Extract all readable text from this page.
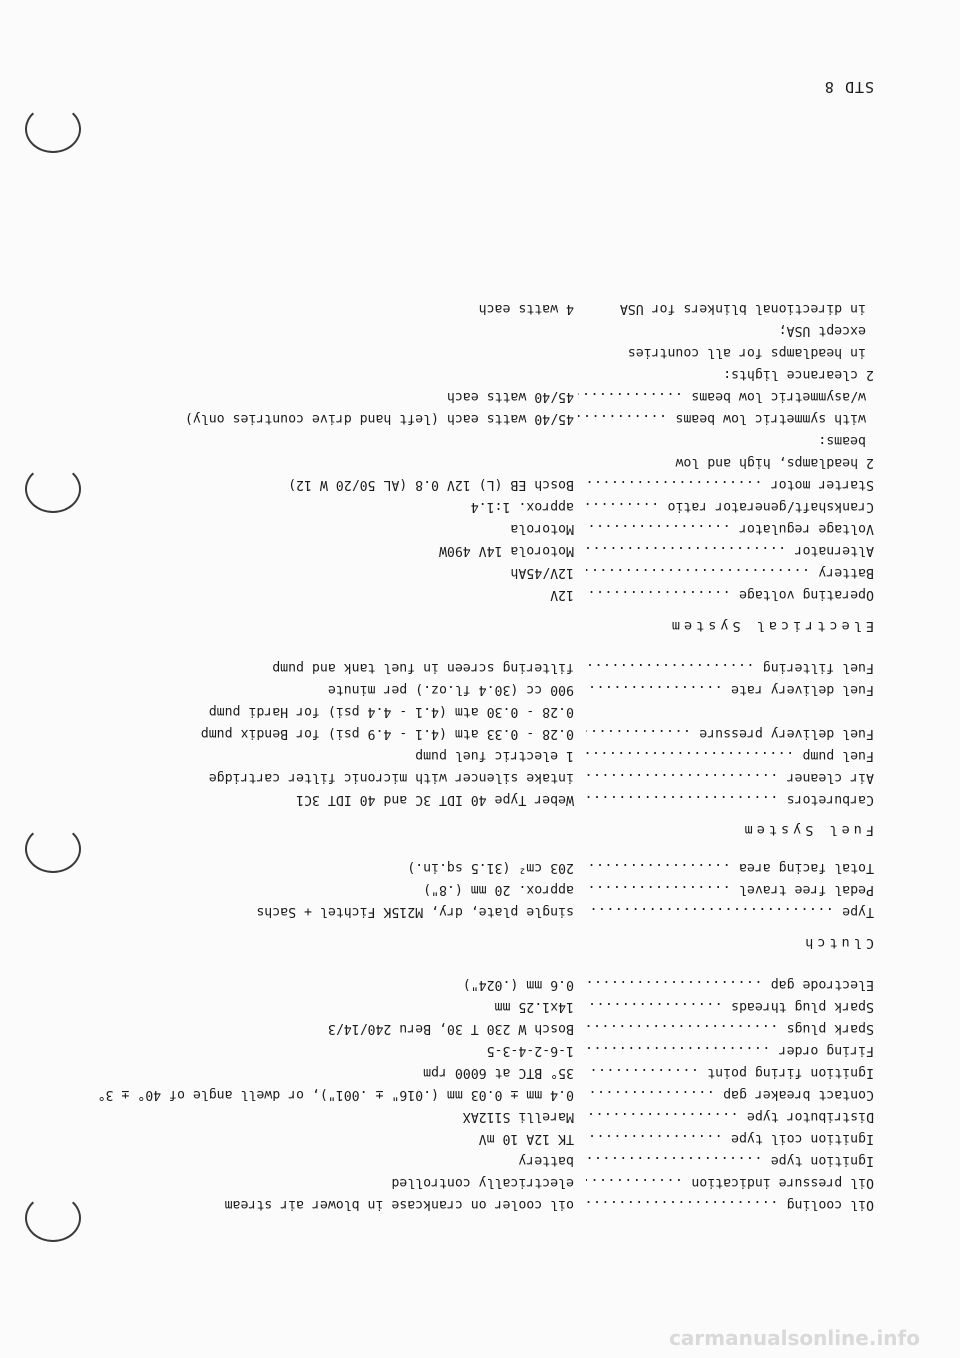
STD 8
Oil cooling .....
oil cooler on crankcase in blower air stream
Oil pressure indication .....
electrically controlled
Ignition type .....
battery
Ignition coil type .....
TK 12A 10 mV
Distributor type .....
Marelli S112AX
Contact breaker gap .....
0.4 mm ± 0.03 mm (.016" ± .001"), or dwell angle of 40° ± 3°
Ignition firing point .....
35° BTC at 6000 rpm
Firing order .....
1-6-2-4-3-5
Spark plugs .....
Bosch W 230 T 30, Beru 240/14/3
Spark plug threads .....
14x1.25 mm
Electrode gap .....
0.6 mm (.024")
Clutch
Type .....
single plate, dry, M215K Fichtel + Sachs
Pedal free travel .....
approx. 20 mm (.8")
Total facing area .....
203 cm² (31.5 sq.in.)
Fuel System
Carburetors .....
Weber Type 40 IDT 3C and 40 IDT 3C1
Air cleaner .....
intake silencer with micronic filter cartridge
Fuel pump .....
1 electric fuel pump
Fuel delivery pressure .....
0.28 - 0.33 atm (4.1 - 4.9 psi) for Bendix pump
0.28 - 0.30 atm (4.1 - 4.4 psi) for Hardi pump
Fuel delivery rate .....
900 cc (30.4 fl.oz.) per minute
Fuel filtering .....
filtering screen in fuel tank and pump
Electrical System
Operating voltage .....
12V
Battery .....
12V/45Ah
Alternator .....
Motorola 14V 490W
Voltage regulator .....
Motorola
Crankshaft/generator ratio .....
approx. 1:1.4
Starter motor .....
Bosch EB (L) 12V 0.8 (AL 50/20 W 12)
2 headlamps, high and low
beams:
with symmetric low beams .....
45/40 watts each (left hand drive countries only)
w/asymmetric low beams .....
45/40 watts each
2 clearance lights:
in headlamps for all countries
except USA;
in directional blinkers for USA
4 watts each
carmanualsonline.info
